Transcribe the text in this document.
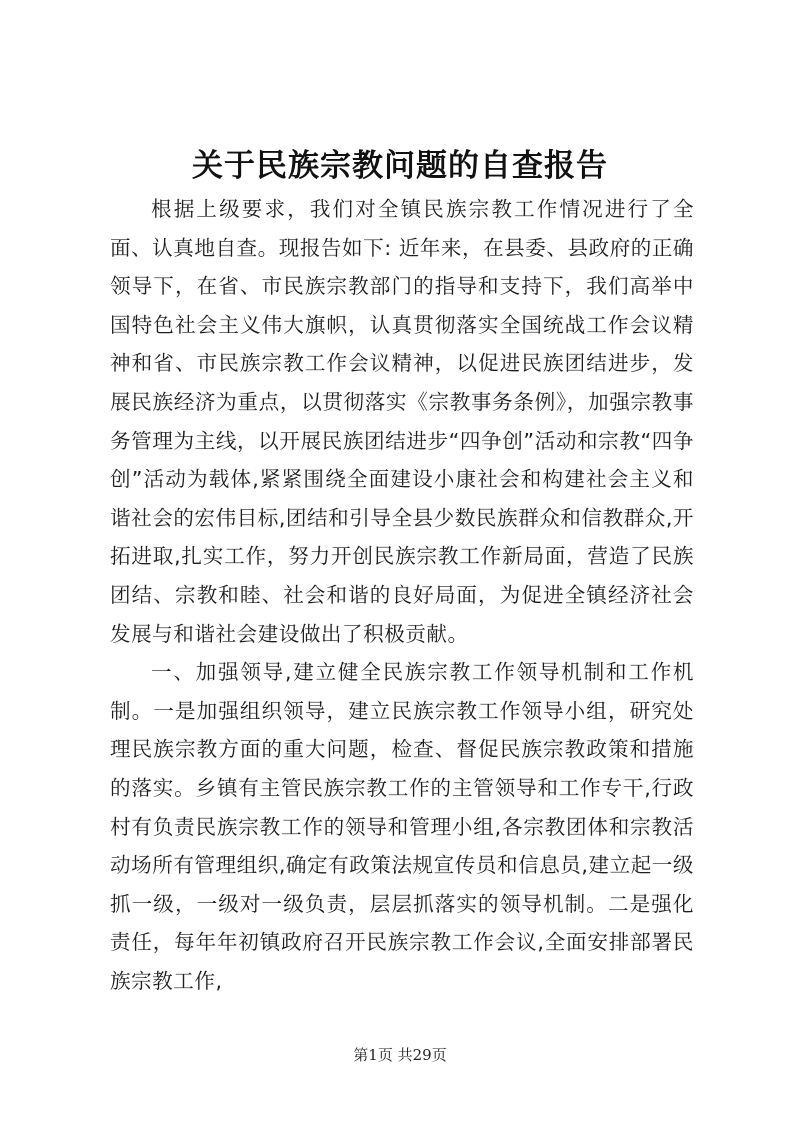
关于民族宗教问题的自查报告

根据上级要求，我们对全镇民族宗教工作情况进行了全面、认真地自查。现报告如下: 近年来，在县委、县政府的正确领导下，在省、市民族宗教部门的指导和支持下，我们高举中国特色社会主义伟大旗帜，认真贯彻落实全国统战工作会议精神和省、市民族宗教工作会议精神，以促进民族团结进步，发展民族经济为重点，以贯彻落实《宗教事务条例》，加强宗教事务管理为主线，以开展民族团结进步“四争创”活动和宗教“四争创”活动为载体,紧紧围绕全面建设小康社会和构建社会主义和谐社会的宏伟目标,团结和引导全县少数民族群众和信教群众,开拓进取,扎实工作，努力开创民族宗教工作新局面，营造了民族团结、宗教和睦、社会和谐的良好局面，为促进全镇经济社会发展与和谐社会建设做出了积极贡献。

一、加强领导,建立健全民族宗教工作领导机制和工作机制。一是加强组织领导，建立民族宗教工作领导小组，研究处理民族宗教方面的重大问题，检查、督促民族宗教政策和措施的落实。乡镇有主管民族宗教工作的主管领导和工作专干,行政村有负责民族宗教工作的领导和管理小组,各宗教团体和宗教活动场所有管理组织,确定有政策法规宣传员和信息员,建立起一级抓一级，一级对一级负责，层层抓落实的领导机制。二是强化责任，每年年初镇政府召开民族宗教工作会议,全面安排部署民族宗教工作,

第1页 共29页
